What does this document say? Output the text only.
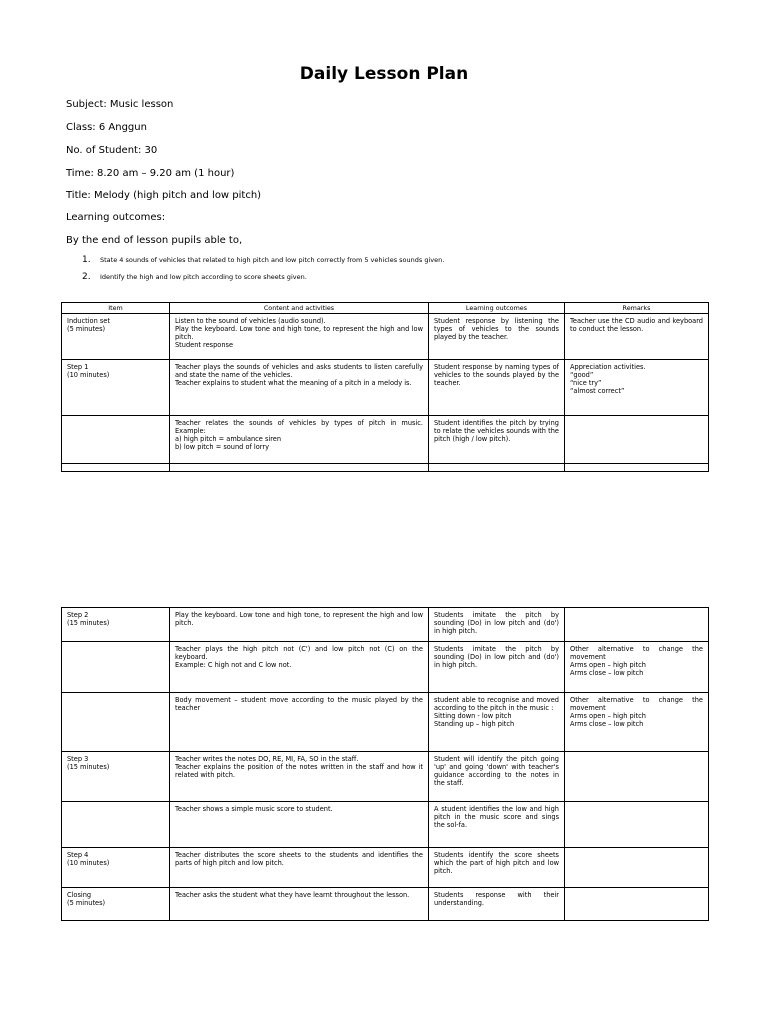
Daily Lesson Plan
Subject: Music lesson
Class: 6 Anggun
No. of Student: 30
Time: 8.20 am – 9.20 am (1 hour)
Title: Melody (high pitch and low pitch)
Learning outcomes:
By the end of lesson pupils able to,
1.	State 4 sounds of vehicles that related to high pitch and low pitch correctly from 5 vehicles sounds given.
2.	Identify the high and low pitch according to score sheets given.
Item	Content and activities	Learning outcomes	Remarks
Induction set
(5 minutes)	Listen to the sound of vehicles (audio sound).
Play the keyboard. Low tone and high tone, to represent the high and low pitch.
Student response	Student response by listening the types of vehicles to the sounds played by the teacher.	Teacher use the CD audio and keyboard to conduct the lesson.
Step 1
(10 minutes)	Teacher plays the sounds of vehicles and asks students to listen carefully and state the name of the vehicles.
Teacher explains to student what the meaning of a pitch in a melody is.	Student response by naming types of vehicles to the sounds played by the teacher.	Appreciation activities.
“good”
“nice try”
“almost correct”
	Teacher relates the sounds of vehicles by types of pitch in music. Example:
a) high pitch = ambulance siren
b) low pitch = sound of lorry	Student identifies the pitch by trying to relate the vehicles sounds with the pitch (high / low pitch).	

Step 2
(15 minutes)	Play the keyboard. Low tone and high tone, to represent the high and low pitch.	Students imitate the pitch by sounding (Do) in low pitch and (do') in high pitch.	
	Teacher plays the high pitch not (C') and low pitch not (C) on the keyboard.
Example: C high not and C low not.	Students imitate the pitch by sounding (Do) in low pitch and (do') in high pitch.	Other alternative to change the movement
Arms open – high pitch
Arms close – low pitch
	Body movement – student move according to the music played by the teacher	student able to recognise and moved according to the pitch in the music :
Sitting down - low pitch
Standing up – high pitch	Other alternative to change the movement
Arms open – high pitch
Arms close – low pitch
Step 3
(15 minutes)	Teacher writes the notes DO, RE, MI, FA, SO in the staff.
Teacher explains the position of the notes written in the staff and how it related with pitch.	Student will identify the pitch going 'up' and going 'down' with teacher's guidance according to the notes in the staff.	
	Teacher shows a simple music score to student.	A student identifies the low and high pitch in the music score and sings the sol-fa.	
Step 4
(10 minutes)	Teacher distributes the score sheets to the students and identifies the parts of high pitch and low pitch.	Students identify the score sheets which the part of high pitch and low pitch.	
Closing
(5 minutes)	Teacher asks the student what they have learnt throughout the lesson.	Students response with their understanding.	
